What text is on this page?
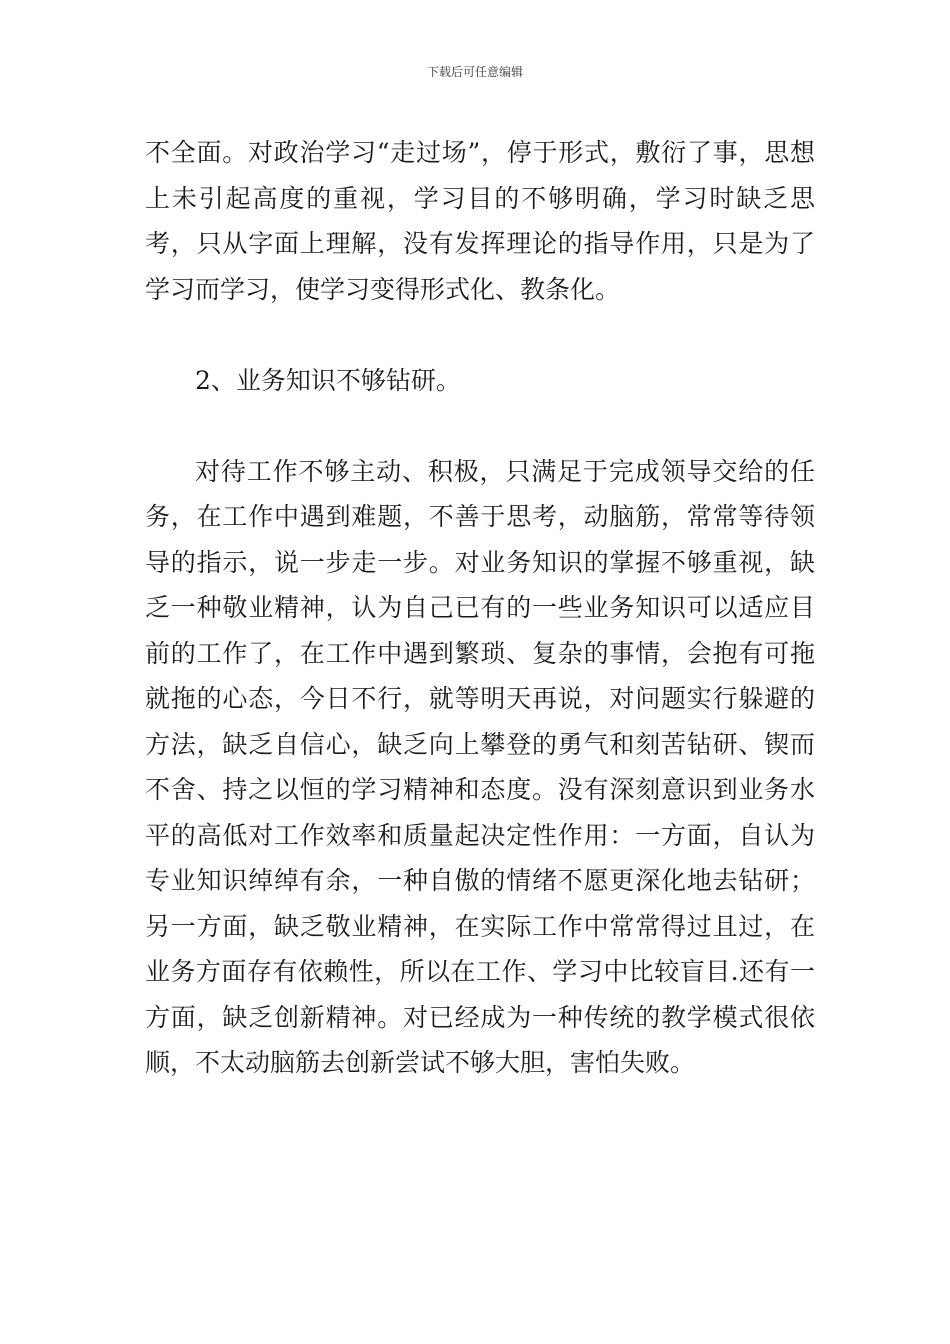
下载后可任意编辑

不全面。对政治学习“走过场”，停于形式，敷衍了事，思想上未引起高度的重视，学习目的不够明确，学习时缺乏思考，只从字面上理解，没有发挥理论的指导作用，只是为了学习而学习，使学习变得形式化、教条化。

2、业务知识不够钻研。

对待工作不够主动、积极，只满足于完成领导交给的任务，在工作中遇到难题，不善于思考，动脑筋，常常等待领导的指示，说一步走一步。对业务知识的掌握不够重视，缺乏一种敬业精神，认为自己已有的一些业务知识可以适应目前的工作了，在工作中遇到繁琐、复杂的事情，会抱有可拖就拖的心态，今日不行，就等明天再说，对问题实行躲避的方法，缺乏自信心，缺乏向上攀登的勇气和刻苦钻研、锲而不舍、持之以恒的学习精神和态度。没有深刻意识到业务水平的高低对工作效率和质量起决定性作用：一方面，自认为专业知识绰绰有余，一种自傲的情绪不愿更深化地去钻研；另一方面，缺乏敬业精神，在实际工作中常常得过且过，在业务方面存有依赖性，所以在工作、学习中比较盲目.还有一方面，缺乏创新精神。对已经成为一种传统的教学模式很依顺，不太动脑筋去创新尝试不够大胆，害怕失败。
